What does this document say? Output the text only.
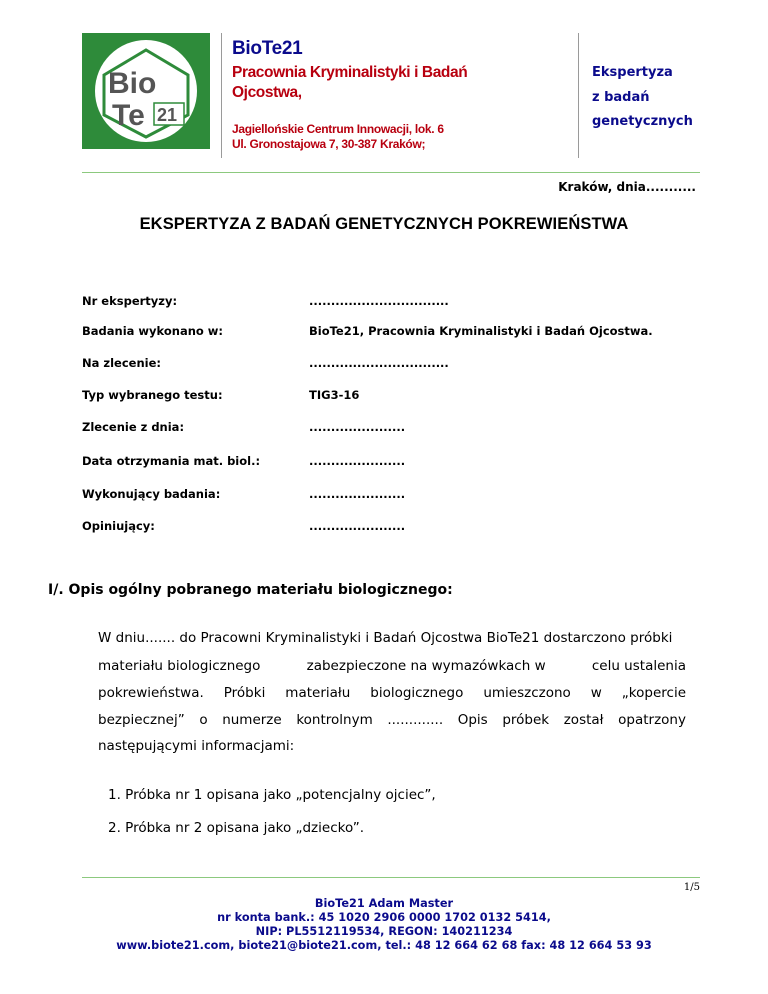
Bio
Te 21
BioTe21
Pracownia Kryminalistyki i Badań
Ojcostwa,
Jagiellońskie Centrum Innowacji, lok. 6
Ul. Gronostajowa 7, 30-387 Kraków;
Ekspertyza
z badań
genetycznych
Kraków, dnia...........
EKSPERTYZA Z BADAŃ GENETYCZNYCH POKREWIEŃSTWA
Nr ekspertyzy:	................................
Badania wykonano w:	BioTe21, Pracownia Kryminalistyki i Badań Ojcostwa.
Na zlecenie:	................................
Typ wybranego testu:	TIG3-16
Zlecenie z dnia:	......................
Data otrzymania mat. biol.:	......................
Wykonujący badania:	......................
Opiniujący:	......................
I/. Opis ogólny pobranego materiału biologicznego:
W dniu....... do Pracowni Kryminalistyki i Badań Ojcostwa BioTe21 dostarczono próbki
materiału biologicznego	zabezpieczone na wymazówkach w	celu ustalenia
pokrewieństwa. Próbki materiału biologicznego umieszczono w „kopercie
bezpiecznej” o numerze kontrolnym ............. Opis próbek został opatrzony
następującymi informacjami:
1. Próbka nr 1 opisana jako „potencjalny ojciec”,
2. Próbka nr 2 opisana jako „dziecko”.
1/5
BioTe21 Adam Master
nr konta bank.: 45 1020 2906 0000 1702 0132 5414,
NIP: PL5512119534, REGON: 140211234
www.biote21.com, biote21@biote21.com, tel.: 48 12 664 62 68 fax: 48 12 664 53 93
